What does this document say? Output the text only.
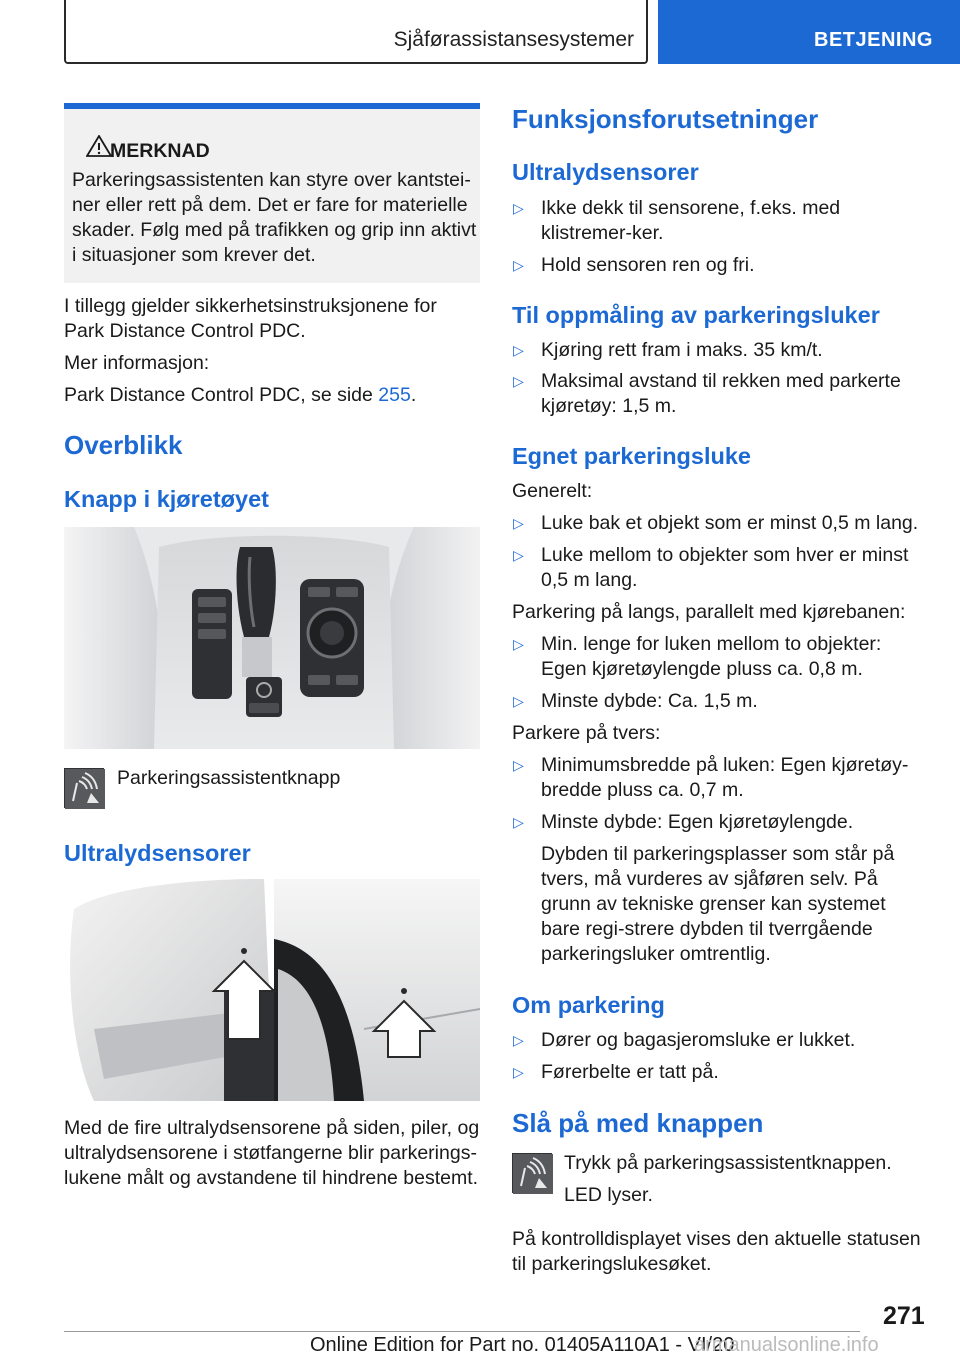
Sjåførassistansesystemer	BETJENING
MERKNAD
Parkeringsassistenten kan styre over kantstei-ner eller rett på dem. Det er fare for materielle skader. Følg med på trafikken og grip inn aktivt i situasjoner som krever det.

I tillegg gjelder sikkerhetsinstruksjonene for Park Distance Control PDC.

Mer informasjon:

Park Distance Control PDC, se side 255.

Overblikk
Knapp i kjøretøyet

Parkeringsassistentknapp

Ultralydsensorer

Med de fire ultralydsensorene på siden, piler, og ultralydsensorene i støtfangerne blir parkerings-lukene målt og avstandene til hindrene bestemt.

Funksjonsforutsetninger
Ultralydsensorer
▷ Ikke dekk til sensorene, f.eks. med klistremer-ker.
▷ Hold sensoren ren og fri.
Til oppmåling av parkeringsluker
▷ Kjøring rett fram i maks. 35 km/t.
▷ Maksimal avstand til rekken med parkerte kjøretøy: 1,5 m.
Egnet parkeringsluke

Generelt:

▷ Luke bak et objekt som er minst 0,5 m lang.
▷ Luke mellom to objekter som hver er minst 0,5 m lang.

Parkering på langs, parallelt med kjørebanen:

▷ Min. lenge for luken mellom to objekter: Egen kjøretøylengde pluss ca. 0,8 m.
▷ Minste dybde: Ca. 1,5 m.

Parkere på tvers:

▷ Minimumsbredde på luken: Egen kjøretøy-bredde pluss ca. 0,7 m.
▷ Minste dybde: Egen kjøretøylengde.

Dybden til parkeringsplasser som står på tvers, må vurderes av sjåføren selv. På grunn av tekniske grenser kan systemet bare regi-strere dybden til tverrgående parkeringsluker omtrentlig.

Om parkering
▷ Dører og bagasjeromsluke er lukket.
▷ Førerbelte er tatt på.
Slå på med knappen

Trykk på parkeringsassistentknappen.

LED lyser.

På kontrolldisplayet vises den aktuelle statusen til parkeringslukesøket.

271
Online Edition for Part no. 01405A110A1 - VI/20
armanualsonline.info
